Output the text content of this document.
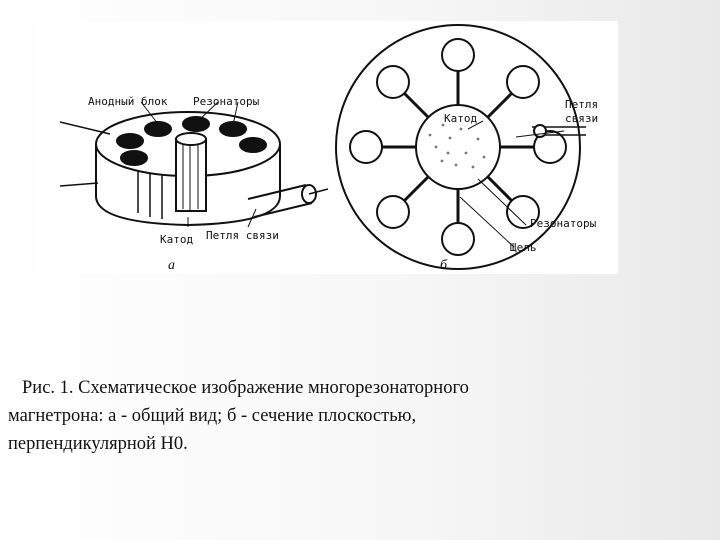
Анодный блок Резонаторы
Катод Петля связи
а
Катод
Петля
связи
Резонаторы
Щель
б
Рис. 1. Схематическое изображение многорезонаторного
магнетрона: а - общий вид; б - сечение плоскостью,
перпендикулярной H0.
